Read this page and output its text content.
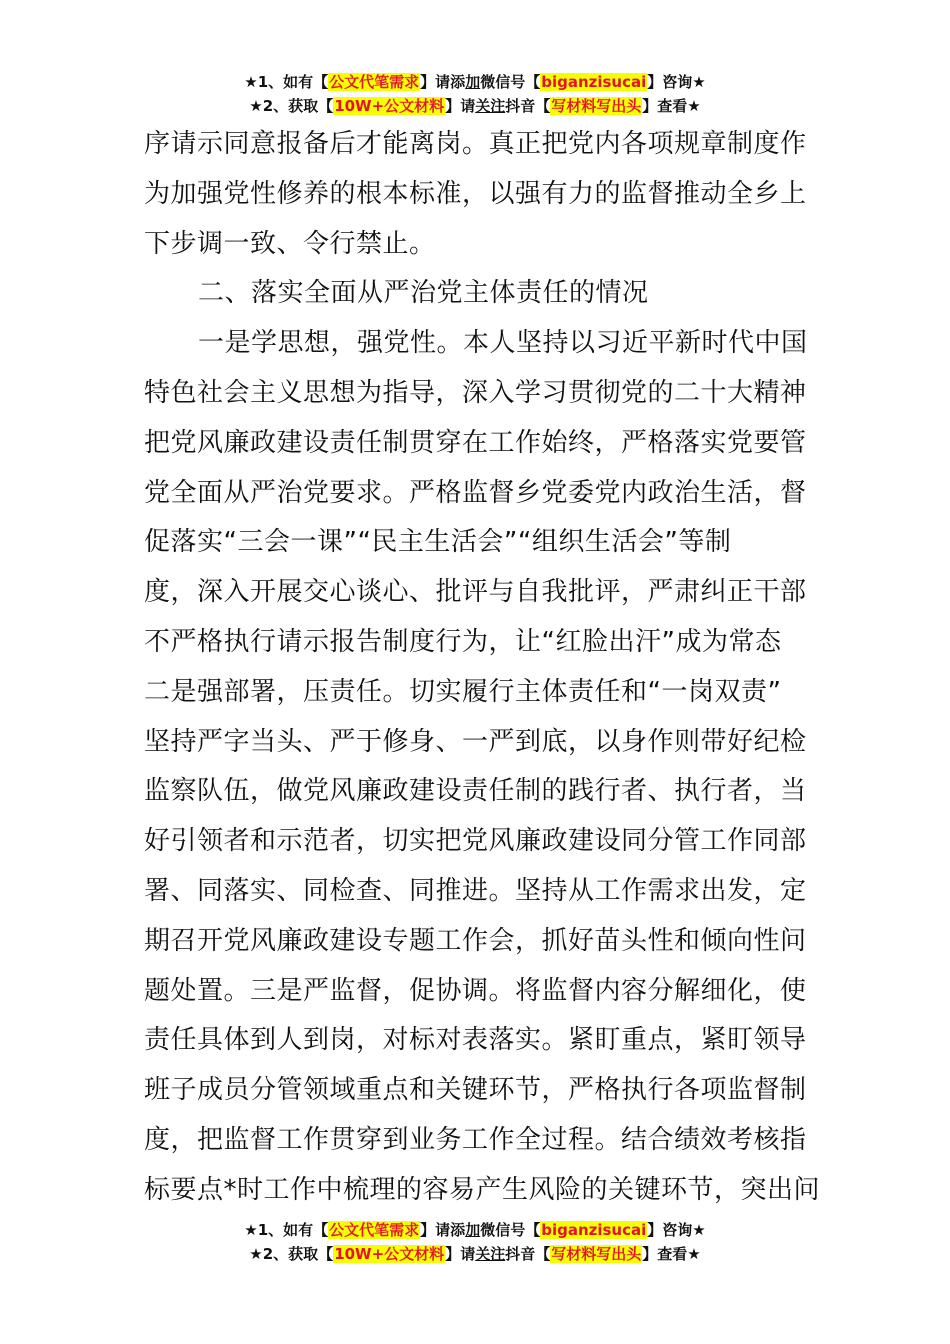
★1、如有【公文代笔需求】请添加微信号【biganzisucai】咨询★
★2、获取【10W+公文材料】请关注抖音【写材料写出头】查看★
序请示同意报备后才能离岗。真正把党内各项规章制度作
为加强党性修养的根本标准，以强有力的监督推动全乡上
下步调一致、令行禁止。
二、落实全面从严治党主体责任的情况
一是学思想，强党性。本人坚持以习近平新时代中国
特色社会主义思想为指导，深入学习贯彻党的二十大精神
把党风廉政建设责任制贯穿在工作始终，严格落实党要管
党全面从严治党要求。严格监督乡党委党内政治生活，督
促落实“三会一课”“民主生活会”“组织生活会”等制
度，深入开展交心谈心、批评与自我批评，严肃纠正干部
不严格执行请示报告制度行为，让“红脸出汗”成为常态
二是强部署，压责任。切实履行主体责任和“一岗双责”
坚持严字当头、严于修身、一严到底，以身作则带好纪检
监察队伍，做党风廉政建设责任制的践行者、执行者，当
好引领者和示范者，切实把党风廉政建设同分管工作同部
署、同落实、同检查、同推进。坚持从工作需求出发，定
期召开党风廉政建设专题工作会，抓好苗头性和倾向性问
题处置。三是严监督，促协调。将监督内容分解细化，使
责任具体到人到岗，对标对表落实。紧盯重点，紧盯领导
班子成员分管领域重点和关键环节，严格执行各项监督制
度，把监督工作贯穿到业务工作全过程。结合绩效考核指
标要点*时工作中梳理的容易产生风险的关键环节，突出问
★1、如有【公文代笔需求】请添加微信号【biganzisucai】咨询★
★2、获取【10W+公文材料】请关注抖音【写材料写出头】查看★
